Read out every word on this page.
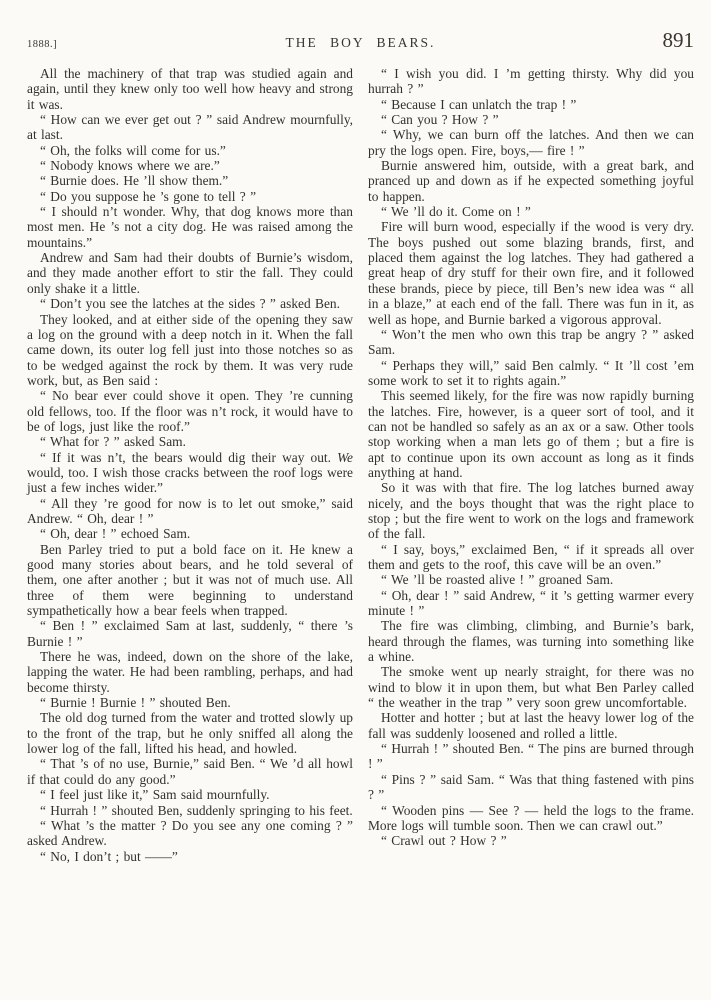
1888.]	THE BOY BEARS.	891

All the machinery of that trap was studied again and again, until they knew only too well how heavy and strong it was.

“ How can we ever get out ? ” said Andrew mournfully, at last.

“ Oh, the folks will come for us.”

“ Nobody knows where we are.”

“ Burnie does. He ’ll show them.”

“ Do you suppose he ’s gone to tell ? ”

“ I should n’t wonder. Why, that dog knows more than most men. He ’s not a city dog. He was raised among the mountains.”

Andrew and Sam had their doubts of Burnie’s wisdom, and they made another effort to stir the fall. They could only shake it a little.

“ Don’t you see the latches at the sides ? ” asked Ben.

They looked, and at either side of the opening they saw a log on the ground with a deep notch in it. When the fall came down, its outer log fell just into those notches so as to be wedged against the rock by them. It was very rude work, but, as Ben said :

“ No bear ever could shove it open. They ’re cunning old fellows, too. If the floor was n’t rock, it would have to be of logs, just like the roof.”

“ What for ? ” asked Sam.

“ If it was n’t, the bears would dig their way out. We would, too. I wish those cracks between the roof logs were just a few inches wider.”

“ All they ’re good for now is to let out smoke,” said Andrew. “ Oh, dear ! ”

“ Oh, dear ! ” echoed Sam.

Ben Parley tried to put a bold face on it. He knew a good many stories about bears, and he told several of them, one after another ; but it was not of much use. All three of them were beginning to understand sympathetically how a bear feels when trapped.

“ Ben ! ” exclaimed Sam at last, suddenly, “ there ’s Burnie ! ”

There he was, indeed, down on the shore of the lake, lapping the water. He had been rambling, perhaps, and had become thirsty.

“ Burnie ! Burnie ! ” shouted Ben.

The old dog turned from the water and trotted slowly up to the front of the trap, but he only sniffed all along the lower log of the fall, lifted his head, and howled.

“ That ’s of no use, Burnie,” said Ben. “ We ’d all howl if that could do any good.”

“ I feel just like it,” Sam said mournfully.

“ Hurrah ! ” shouted Ben, suddenly springing to his feet.

“ What ’s the matter ? Do you see any one coming ? ” asked Andrew.

“ No, I don’t ; but ——”

“ I wish you did. I ’m getting thirsty. Why did you hurrah ? ”

“ Because I can unlatch the trap ! ”

“ Can you ? How ? ”

“ Why, we can burn off the latches. And then we can pry the logs open. Fire, boys,— fire ! ”

Burnie answered him, outside, with a great bark, and pranced up and down as if he expected something joyful to happen.

“ We ’ll do it. Come on ! ”

Fire will burn wood, especially if the wood is very dry. The boys pushed out some blazing brands, first, and placed them against the log latches. They had gathered a great heap of dry stuff for their own fire, and it followed these brands, piece by piece, till Ben’s new idea was “ all in a blaze,” at each end of the fall. There was fun in it, as well as hope, and Burnie barked a vigorous approval.

“ Won’t the men who own this trap be angry ? ” asked Sam.

“ Perhaps they will,” said Ben calmly. “ It ’ll cost ’em some work to set it to rights again.”

This seemed likely, for the fire was now rapidly burning the latches. Fire, however, is a queer sort of tool, and it can not be handled so safely as an ax or a saw. Other tools stop working when a man lets go of them ; but a fire is apt to continue upon its own account as long as it finds anything at hand.

So it was with that fire. The log latches burned away nicely, and the boys thought that was the right place to stop ; but the fire went to work on the logs and framework of the fall.

“ I say, boys,” exclaimed Ben, “ if it spreads all over them and gets to the roof, this cave will be an oven.”

“ We ’ll be roasted alive ! ” groaned Sam.

“ Oh, dear ! ” said Andrew, “ it ’s getting warmer every minute ! ”

The fire was climbing, climbing, and Burnie’s bark, heard through the flames, was turning into something like a whine.

The smoke went up nearly straight, for there was no wind to blow it in upon them, but what Ben Parley called “ the weather in the trap ” very soon grew uncomfortable.

Hotter and hotter ; but at last the heavy lower log of the fall was suddenly loosened and rolled a little.

“ Hurrah ! ” shouted Ben. “ The pins are burned through ! ”

“ Pins ? ” said Sam. “ Was that thing fastened with pins ? ”

“ Wooden pins — See ? — held the logs to the frame. More logs will tumble soon. Then we can crawl out.”

“ Crawl out ? How ? ”
